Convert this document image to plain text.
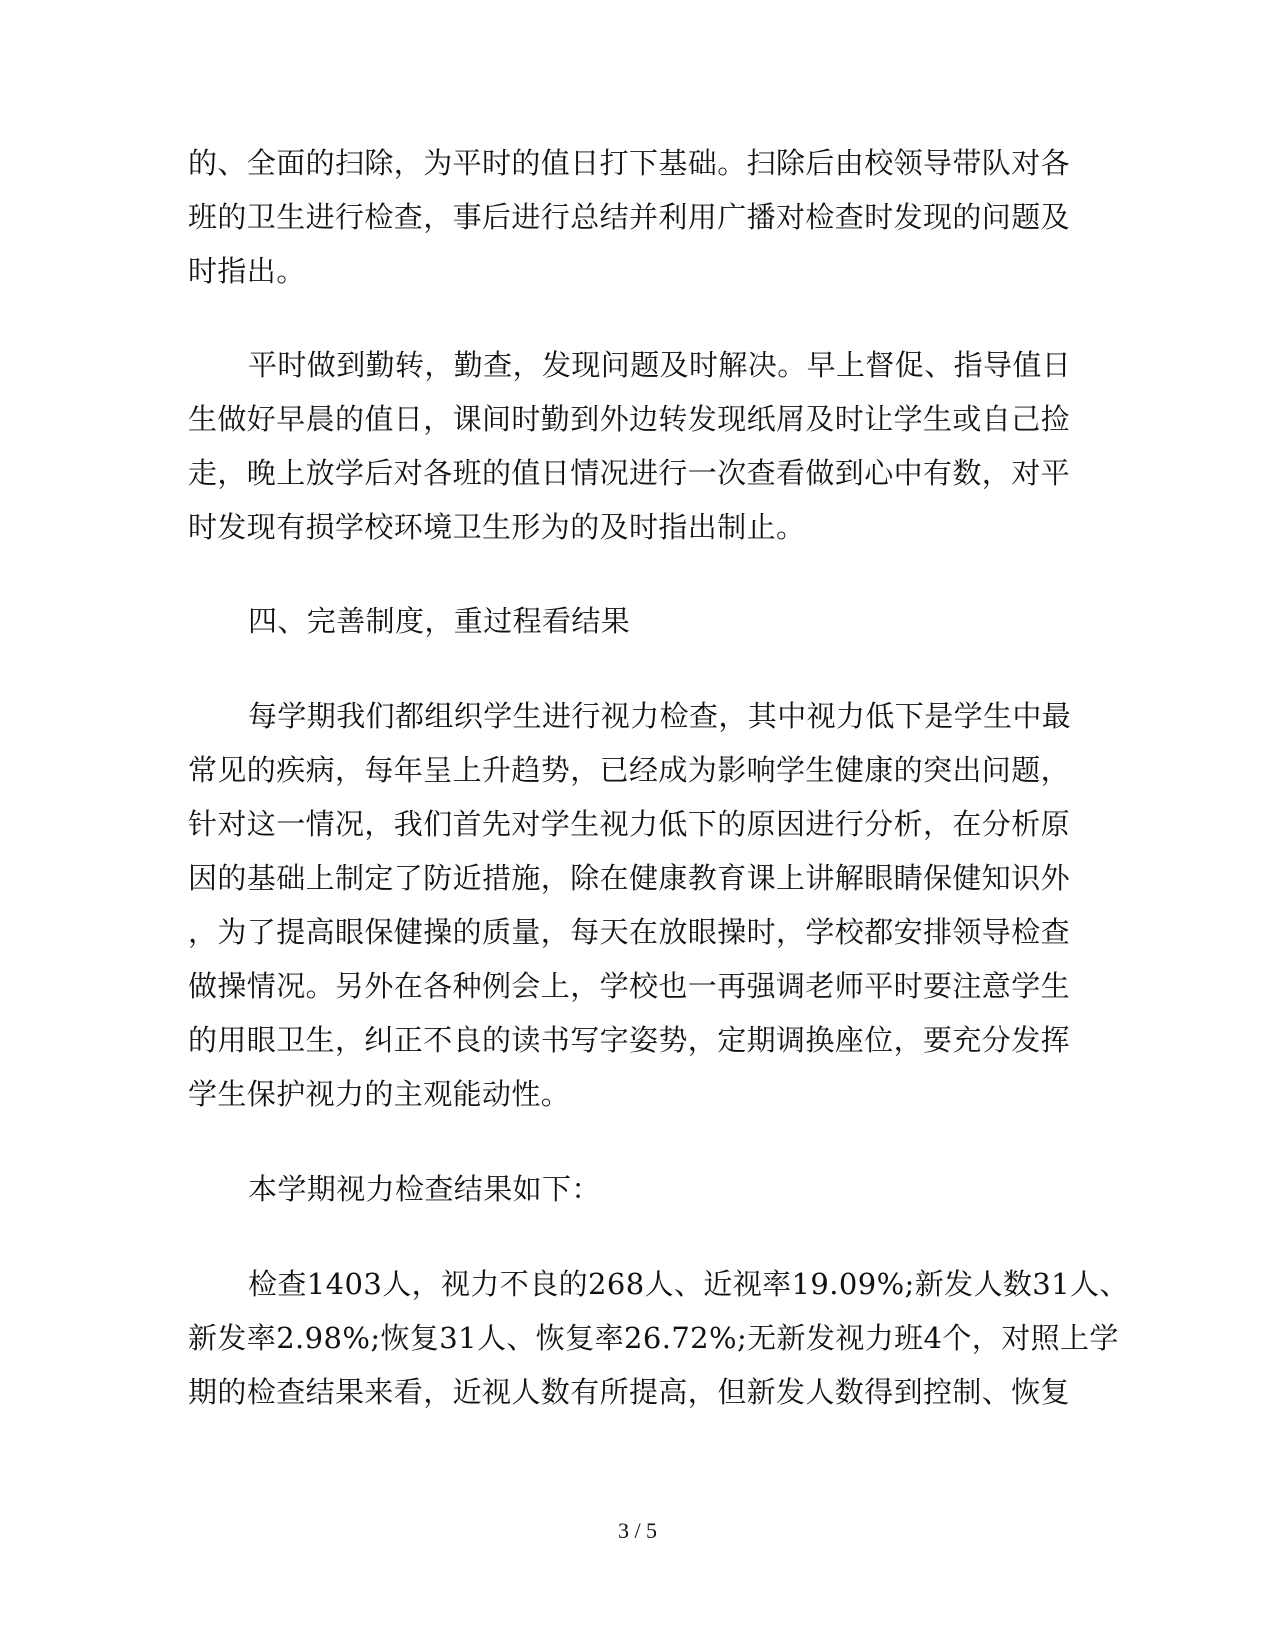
的、全面的扫除，为平时的值日打下基础。扫除后由校领导带队对各
班的卫生进行检查，事后进行总结并利用广播对检查时发现的问题及
时指出。
平时做到勤转，勤查，发现问题及时解决。早上督促、指导值日
生做好早晨的值日，课间时勤到外边转发现纸屑及时让学生或自己捡
走，晚上放学后对各班的值日情况进行一次查看做到心中有数，对平
时发现有损学校环境卫生形为的及时指出制止。
四、完善制度，重过程看结果
每学期我们都组织学生进行视力检查，其中视力低下是学生中最
常见的疾病，每年呈上升趋势，已经成为影响学生健康的突出问题，
针对这一情况，我们首先对学生视力低下的原因进行分析，在分析原
因的基础上制定了防近措施，除在健康教育课上讲解眼睛保健知识外
，为了提高眼保健操的质量，每天在放眼操时，学校都安排领导检查
做操情况。另外在各种例会上，学校也一再强调老师平时要注意学生
的用眼卫生，纠正不良的读书写字姿势，定期调换座位，要充分发挥
学生保护视力的主观能动性。
本学期视力检查结果如下：
检查1403人，视力不良的268人、近视率19.09%;新发人数31人、
新发率2.98%;恢复31人、恢复率26.72%;无新发视力班4个，对照上学
期的检查结果来看，近视人数有所提高，但新发人数得到控制、恢复
3 / 5
